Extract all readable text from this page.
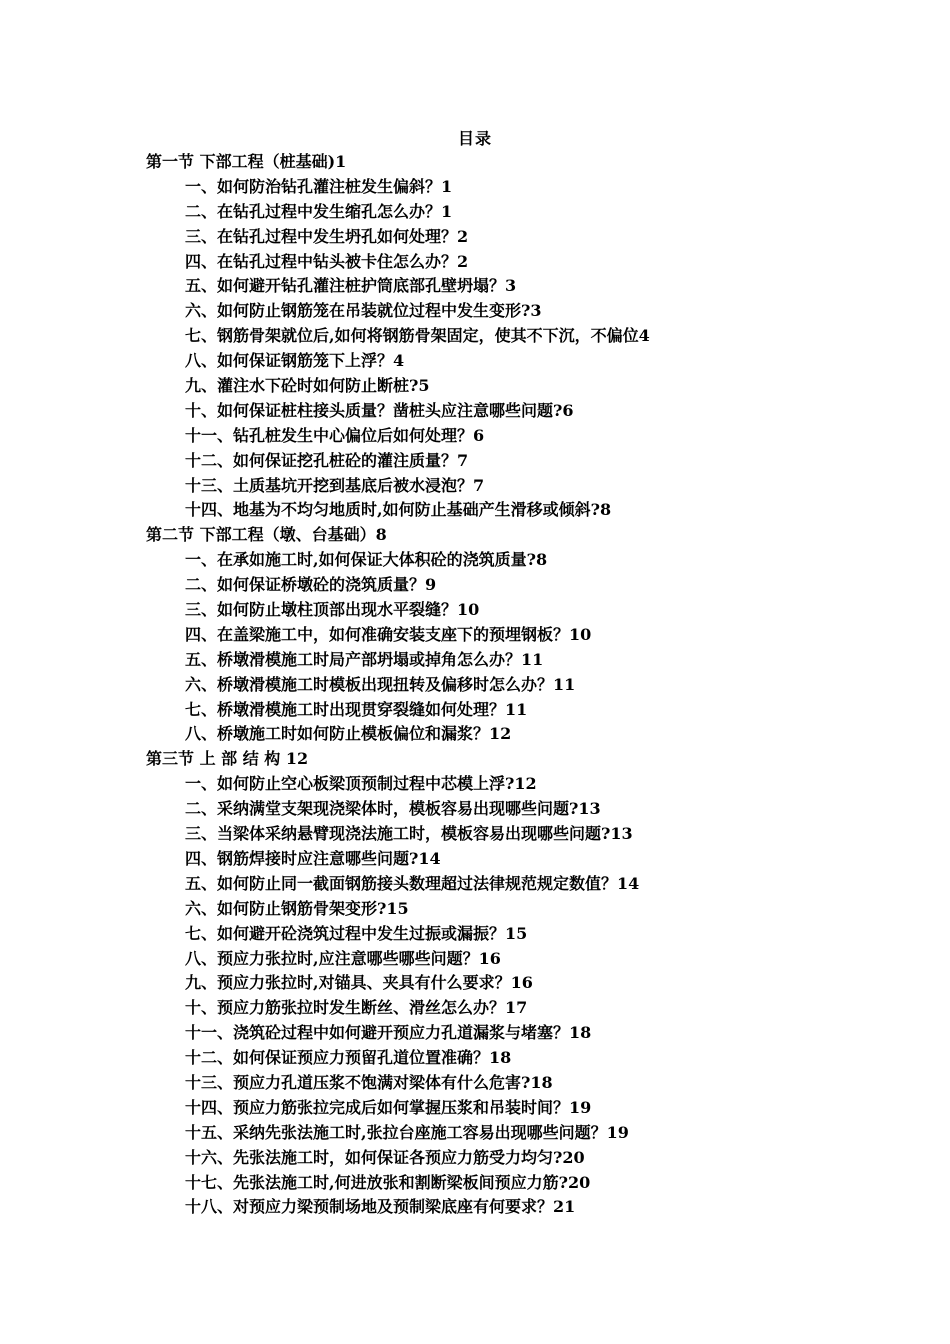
目录
第一节 下部工程（桩基础)1
一、如何防治钻孔灌注桩发生偏斜？1
二、在钻孔过程中发生缩孔怎么办？1
三、在钻孔过程中发生坍孔如何处理？2
四、在钻孔过程中钻头被卡住怎么办？2
五、如何避开钻孔灌注桩护筒底部孔壁坍塌？3
六、如何防止钢筋笼在吊装就位过程中发生变形?3
七、钢筋骨架就位后,如何将钢筋骨架固定，使其不下沉，不偏位4
八、如何保证钢筋笼下上浮？4
九、灌注水下砼时如何防止断桩?5
十、如何保证桩柱接头质量？凿桩头应注意哪些问题?6
十一、钻孔桩发生中心偏位后如何处理？6
十二、如何保证挖孔桩砼的灌注质量？7
十三、土质基坑开挖到基底后被水浸泡？7
十四、地基为不均匀地质时,如何防止基础产生滑移或倾斜?8
第二节 下部工程（墩、台基础）8
一、在承如施工时,如何保证大体积砼的浇筑质量?8
二、如何保证桥墩砼的浇筑质量？9
三、如何防止墩柱顶部出现水平裂缝？10
四、在盖梁施工中，如何准确安装支座下的预埋钢板？10
五、桥墩滑模施工时局产部坍塌或掉角怎么办？11
六、桥墩滑模施工时模板出现扭转及偏移时怎么办？11
七、桥墩滑模施工时出现贯穿裂缝如何处理？11
八、桥墩施工时如何防止模板偏位和漏浆？12
第三节 上 部 结 构 12
一、如何防止空心板梁顶预制过程中芯模上浮?12
二、采纳满堂支架现浇梁体时，模板容易出现哪些问题?13
三、当梁体采纳悬臂现浇法施工时，模板容易出现哪些问题?13
四、钢筋焊接时应注意哪些问题?14
五、如何防止同一截面钢筋接头数理超过法律规范规定数值？14
六、如何防止钢筋骨架变形?15
七、如何避开砼浇筑过程中发生过振或漏振？15
八、预应力张拉时,应注意哪些哪些问题？16
九、预应力张拉时,对锚具、夹具有什么要求？16
十、预应力筋张拉时发生断丝、滑丝怎么办？17
十一、浇筑砼过程中如何避开预应力孔道漏浆与堵塞？18
十二、如何保证预应力预留孔道位置准确？18
十三、预应力孔道压浆不饱满对梁体有什么危害?18
十四、预应力筋张拉完成后如何掌握压浆和吊装时间？19
十五、采纳先张法施工时,张拉台座施工容易出现哪些问题？19
十六、先张法施工时，如何保证各预应力筋受力均匀?20
十七、先张法施工时,何进放张和割断梁板间预应力筋?20
十八、对预应力梁预制场地及预制梁底座有何要求？21
